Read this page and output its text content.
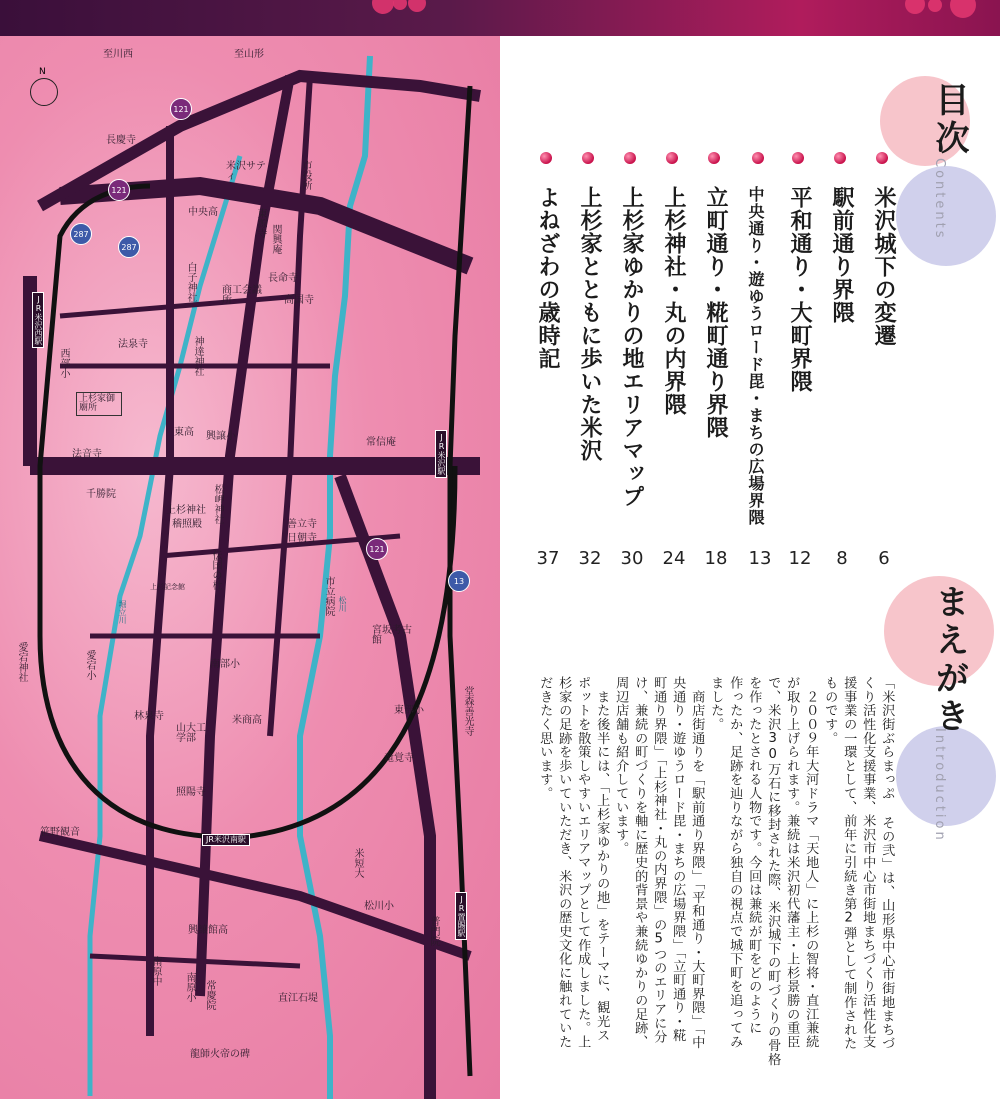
N
121
121
121
287
287
13
JR米沢西駅
JR米沢駅
JR米沢南駅
JR置賜駅
至川西	至山形
長慶寺
米沢サティ	市役所
中央高	東源寺
関興庵
白子神社	商工会議所
長命寺
高国寺
法泉寺	神達神社
西部小
上杉家御廟所
東高 興譲小
常信庵
法音寺
千勝院	松岬神社
上杉神社
稽照殿
伝国の杜
善立寺
日朝寺
市立病院
宮坂考古館
東部小	堂森善光寺
愛宕神社	愛宕小	南部小
米商高
林泉寺
山大工学部
照陽寺
竜覚寺
笹野観音
米短大
松川小
普門院
興譲館高
南原中
南原小 常慶院	直江石堤
龍師火帝の碑
松川
堀立川
上杉記念館
目次
Contents
米沢城下の変遷
6
駅前通り界隈
8
平和通り・大町界隈
12
中央通り・遊ゆうロード毘・まちの広場界隈
13
立町通り・糀町通り界隈
18
上杉神社・丸の内界隈
24
上杉家ゆかりの地エリアマップ
30
上杉家とともに歩いた米沢
32
よねざわの歳時記
37
まえがき
Introduction
「米沢街ぶらまっぷ その弐」は、山形県中心市街地まちづ
くり活性化支援事業、米沢市中心市街地まちづくり活性化支
援事業の一環として、前年に引続き第2弾として制作された
ものです。
　２００９年大河ドラマ「天地人」に上杉の智将・直江兼続
が取り上げられます。兼続は米沢初代藩主・上杉景勝の重臣
で、米沢30万石に移封された際、米沢城下の町づくりの骨格
を作ったとされる人物です。今回は兼続が町をどのように
作ったか、足跡を辿りながら独自の視点で城下町を追ってみ
ました。
　商店街通りを「駅前通り界隈」「平和通り・大町界隈」「中
央通り・遊ゆうロード毘・まちの広場界隈」「立町通り・糀
町通り界隈」「上杉神社・丸の内界隈」の5つのエリアに分
け、兼続の町づくりを軸に歴史的背景や兼続ゆかりの足跡、
周辺店舗も紹介しています。
　また後半には、「上杉家ゆかりの地」をテーマに、観光ス
ポットを散策しやすいエリアマップとして作成しました。上
杉家の足跡を歩いていただき、米沢の歴史文化に触れていた
だきたく思います。
